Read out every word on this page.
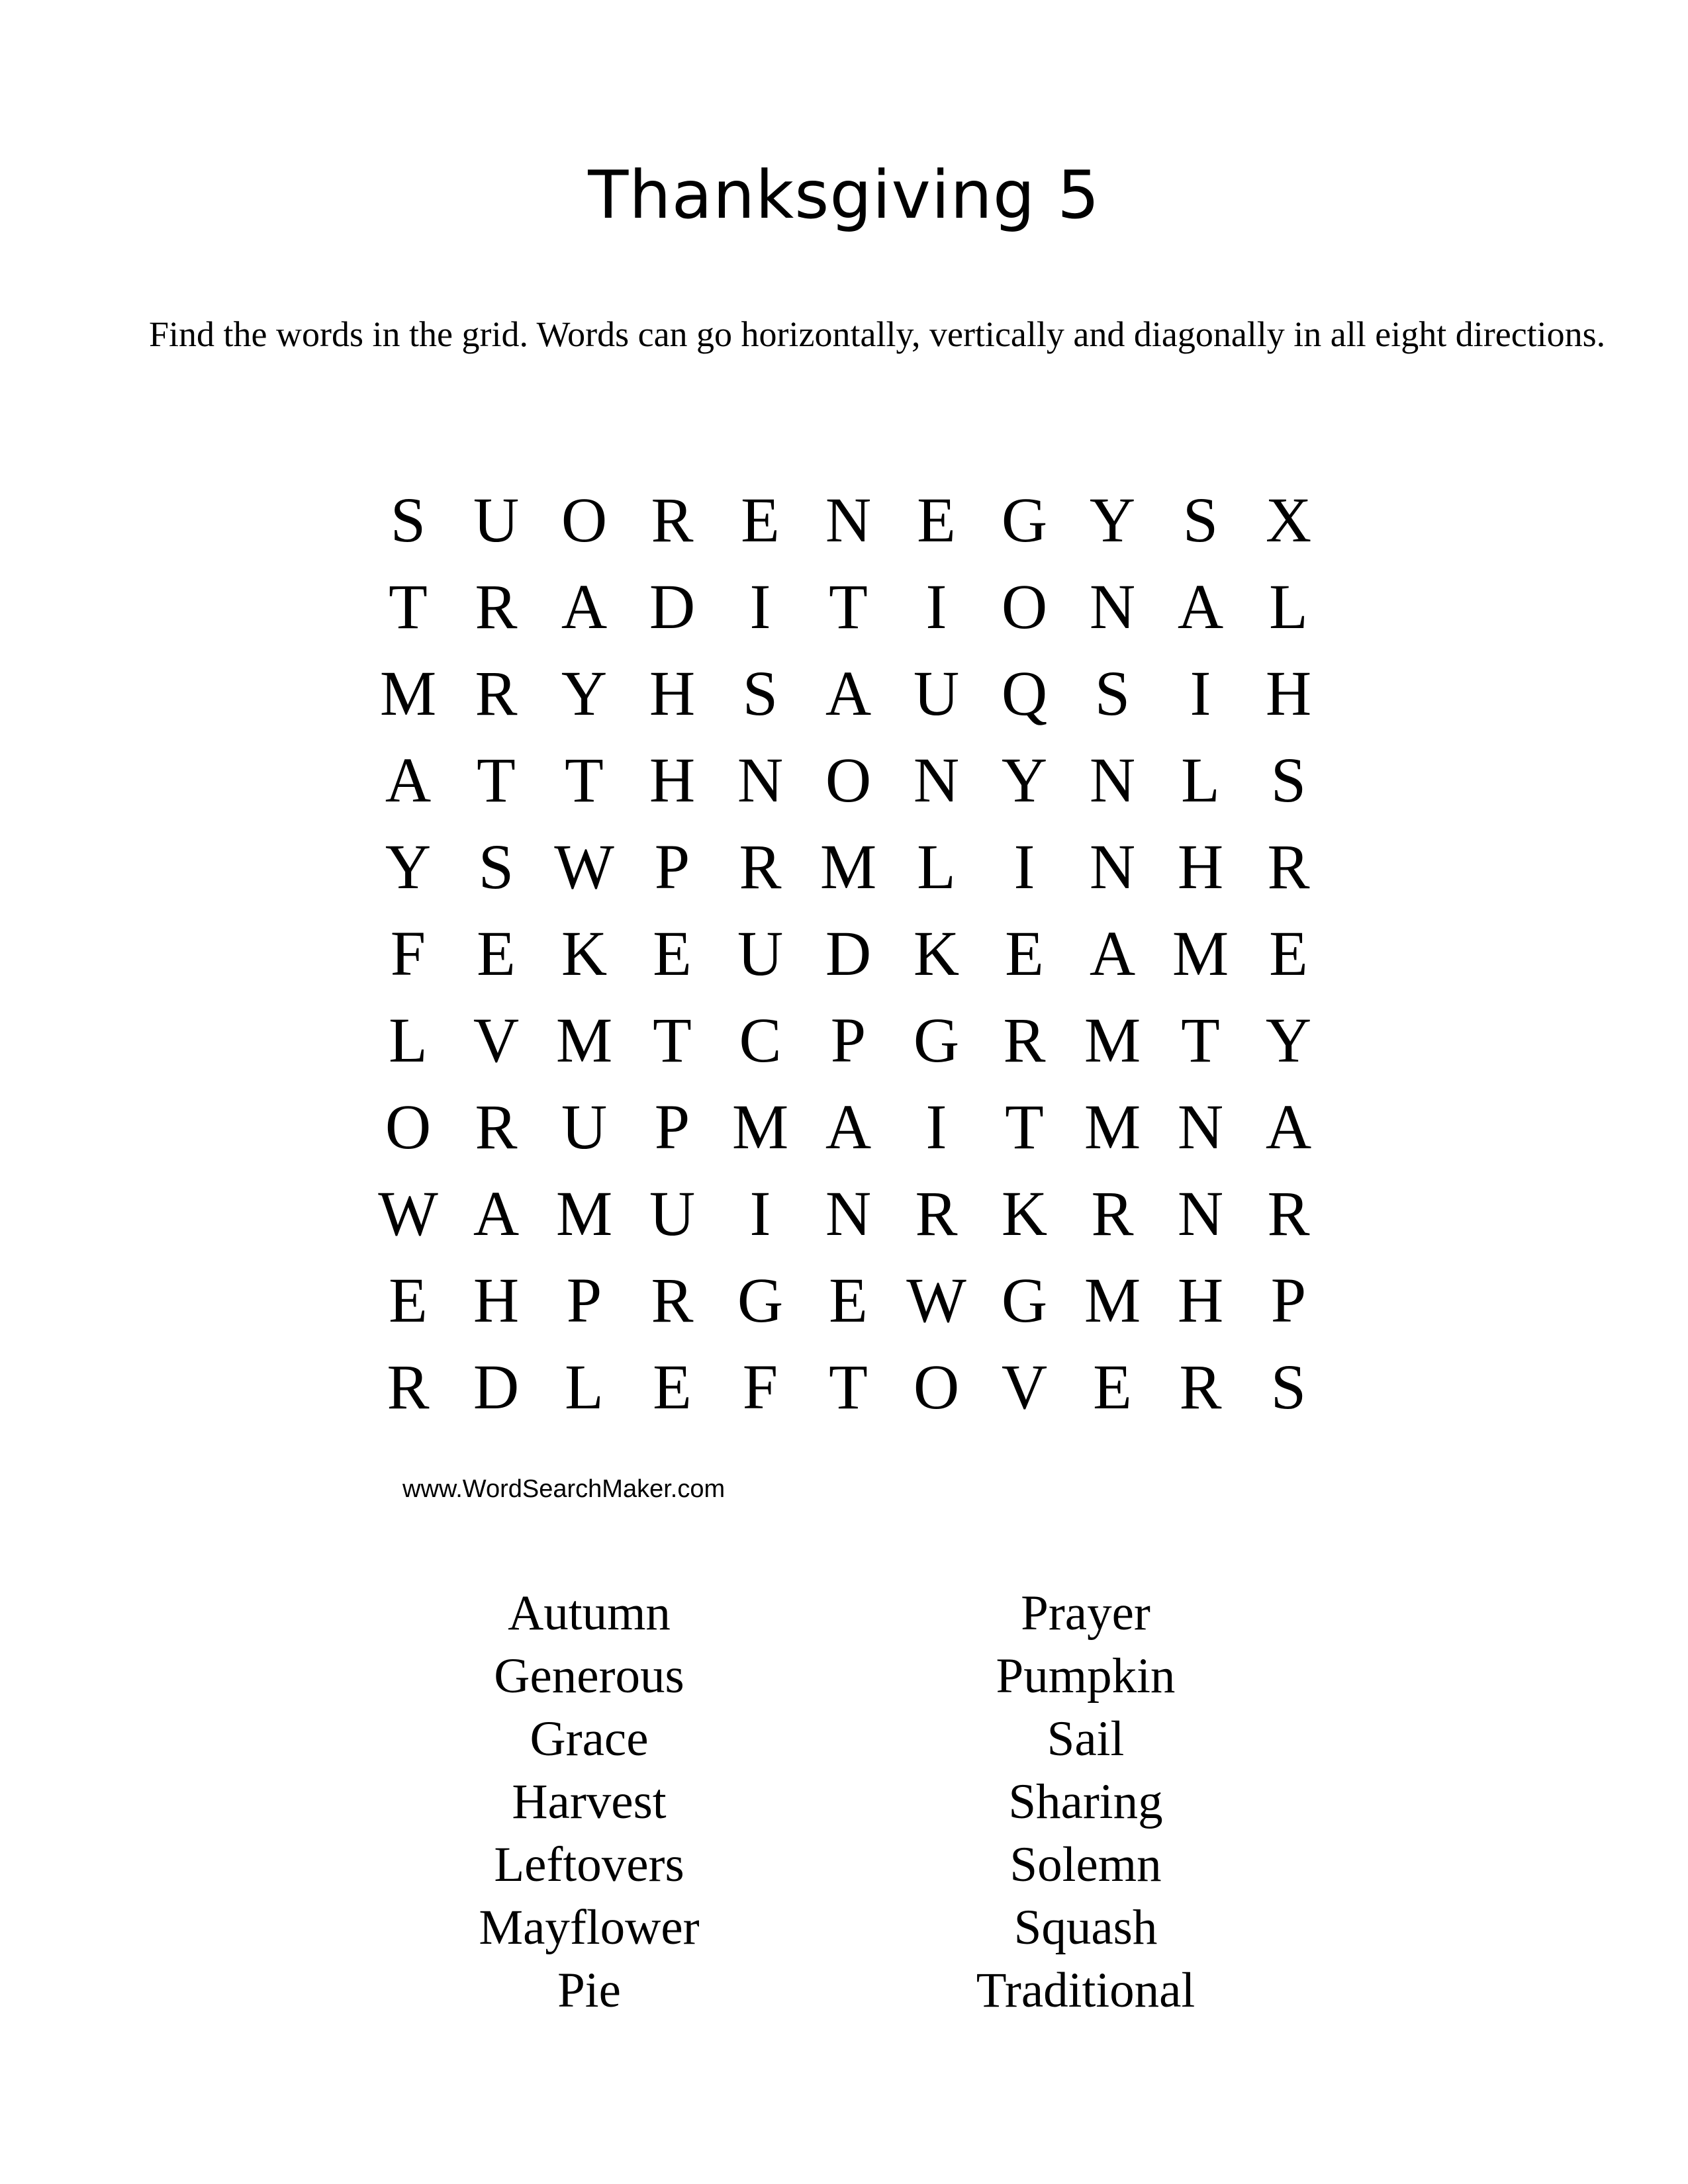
Thanksgiving 5
Find the words in the grid. Words can go horizontally, vertically and diagonally in all eight directions.
S U O R E N E G Y S X
T R A D I T I O N A L
M R Y H S A U Q S I H
A T T H N O N Y N L S
Y S W P R M L I N H R
F E K E U D K E A M E
L V M T C P G R M T Y
O R U P M A I T M N A
W A M U I N R K R N R
E H P R G E W G M H P
R D L E F T O V E R S
www.WordSearchMaker.com
Autumn
Generous
Grace
Harvest
Leftovers
Mayflower
Pie
Prayer
Pumpkin
Sail
Sharing
Solemn
Squash
Traditional
